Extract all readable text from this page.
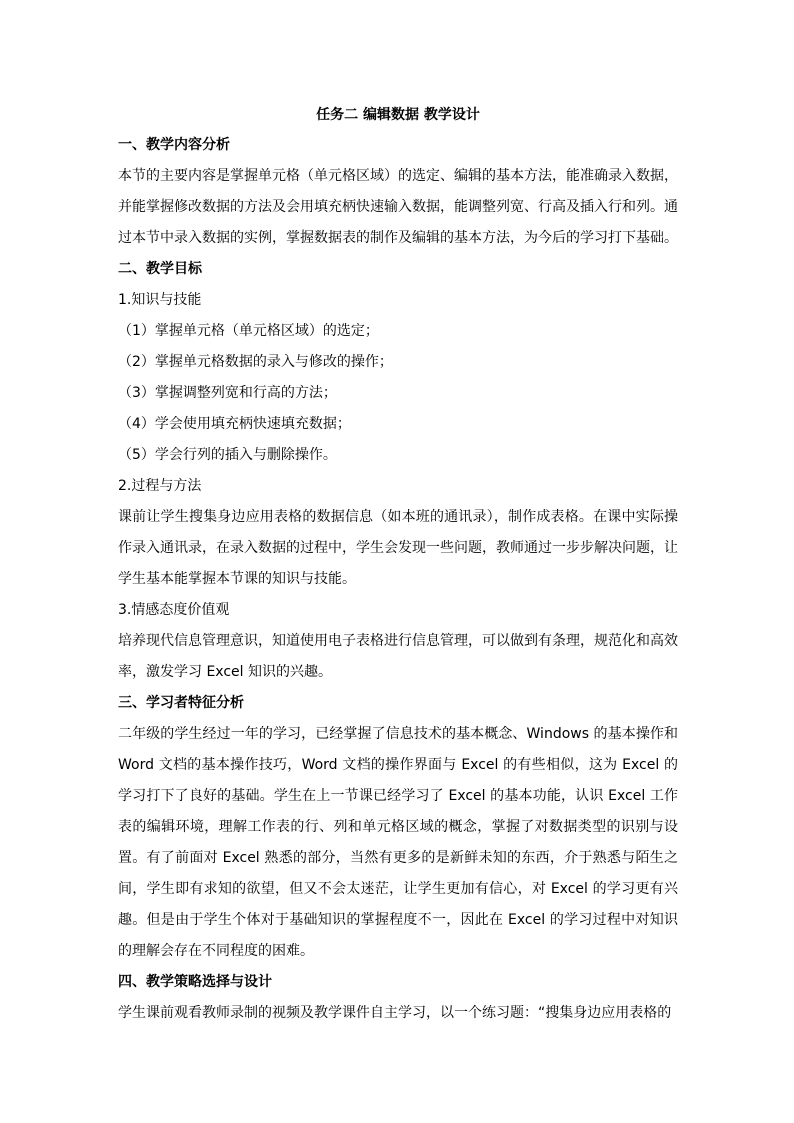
任务二 编辑数据 教学设计

一、教学内容分析

本节的主要内容是掌握单元格（单元格区域）的选定、编辑的基本方法，能准确录入数据，并能掌握修改数据的方法及会用填充柄快速输入数据，能调整列宽、行高及插入行和列。通过本节中录入数据的实例，掌握数据表的制作及编辑的基本方法，为今后的学习打下基础。

二、教学目标

1.知识与技能

（1）掌握单元格（单元格区域）的选定；

（2）掌握单元格数据的录入与修改的操作；

（3）掌握调整列宽和行高的方法；

（4）学会使用填充柄快速填充数据；

（5）学会行列的插入与删除操作。

2.过程与方法

课前让学生搜集身边应用表格的数据信息（如本班的通讯录），制作成表格。在课中实际操作录入通讯录，在录入数据的过程中，学生会发现一些问题，教师通过一步步解决问题，让学生基本能掌握本节课的知识与技能。

3.情感态度价值观

培养现代信息管理意识，知道使用电子表格进行信息管理，可以做到有条理，规范化和高效率，激发学习 Excel 知识的兴趣。

三、学习者特征分析

二年级的学生经过一年的学习，已经掌握了信息技术的基本概念、Windows 的基本操作和 Word 文档的基本操作技巧，Word 文档的操作界面与 Excel 的有些相似，这为 Excel 的学习打下了良好的基础。学生在上一节课已经学习了 Excel 的基本功能，认识 Excel 工作表的编辑环境，理解工作表的行、列和单元格区域的概念，掌握了对数据类型的识别与设置。有了前面对 Excel 熟悉的部分，当然有更多的是新鲜未知的东西，介于熟悉与陌生之间，学生即有求知的欲望，但又不会太迷茫，让学生更加有信心，对 Excel 的学习更有兴趣。但是由于学生个体对于基础知识的掌握程度不一，因此在 Excel 的学习过程中对知识的理解会存在不同程度的困难。

四、教学策略选择与设计

学生课前观看教师录制的视频及教学课件自主学习，以一个练习题：“搜集身边应用表格的
